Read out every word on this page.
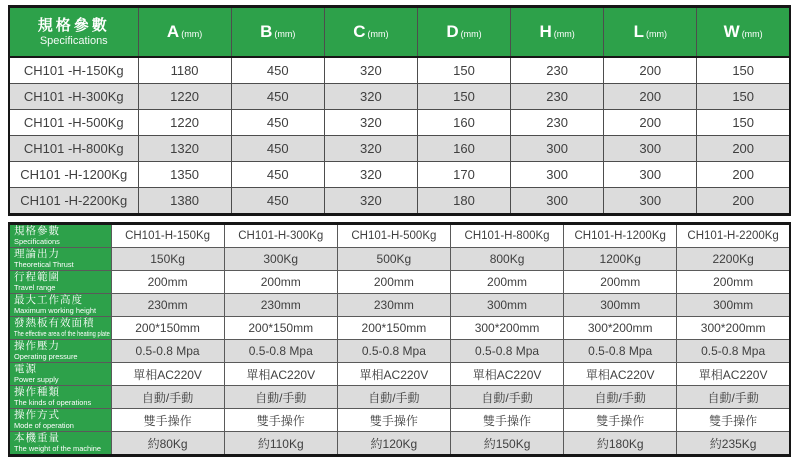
規格參數
Specifications	A (mm)	B (mm)	C (mm)	D (mm)	H (mm)	L (mm)	W (mm)
CH101 -H-150Kg	1180	450	320	150	230	200	150
CH101 -H-300Kg	1220	450	320	150	230	200	150
CH101 -H-500Kg	1220	450	320	160	230	200	150
CH101 -H-800Kg	1320	450	320	160	300	300	200
CH101 -H-1200Kg	1350	450	320	170	300	300	200
CH101 -H-2200Kg	1380	450	320	180	300	300	200
規格參數
Specifications	CH101-H-150Kg	CH101-H-300Kg	CH101-H-500Kg	CH101-H-800Kg	CH101-H-1200Kg	CH101-H-2200Kg

理論出力
Theoretical Thrust	150Kg	300Kg	500Kg	800Kg	1200Kg	2200Kg

行程範圍
Travel range	200mm	200mm	200mm	200mm	200mm	200mm

最大工作高度
Maximum working height	230mm	230mm	230mm	300mm	300mm	300mm

發熱板有效面積
The effective area of the heating plate	200*150mm	200*150mm	200*150mm	300*200mm	300*200mm	300*200mm

操作壓力
Operating pressure	0.5-0.8 Mpa	0.5-0.8 Mpa	0.5-0.8 Mpa	0.5-0.8 Mpa	0.5-0.8 Mpa	0.5-0.8 Mpa

電源
Power supply	單相AC220V	單相AC220V	單相AC220V	單相AC220V	單相AC220V	單相AC220V

操作種類
The kinds of operations	自動/手動	自動/手動	自動/手動	自動/手動	自動/手動	自動/手動

操作方式
Mode of operation	雙手操作	雙手操作	雙手操作	雙手操作	雙手操作	雙手操作

本機重量
The weight of the machine	約80Kg	約110Kg	約120Kg	約150Kg	約180Kg	約235Kg
